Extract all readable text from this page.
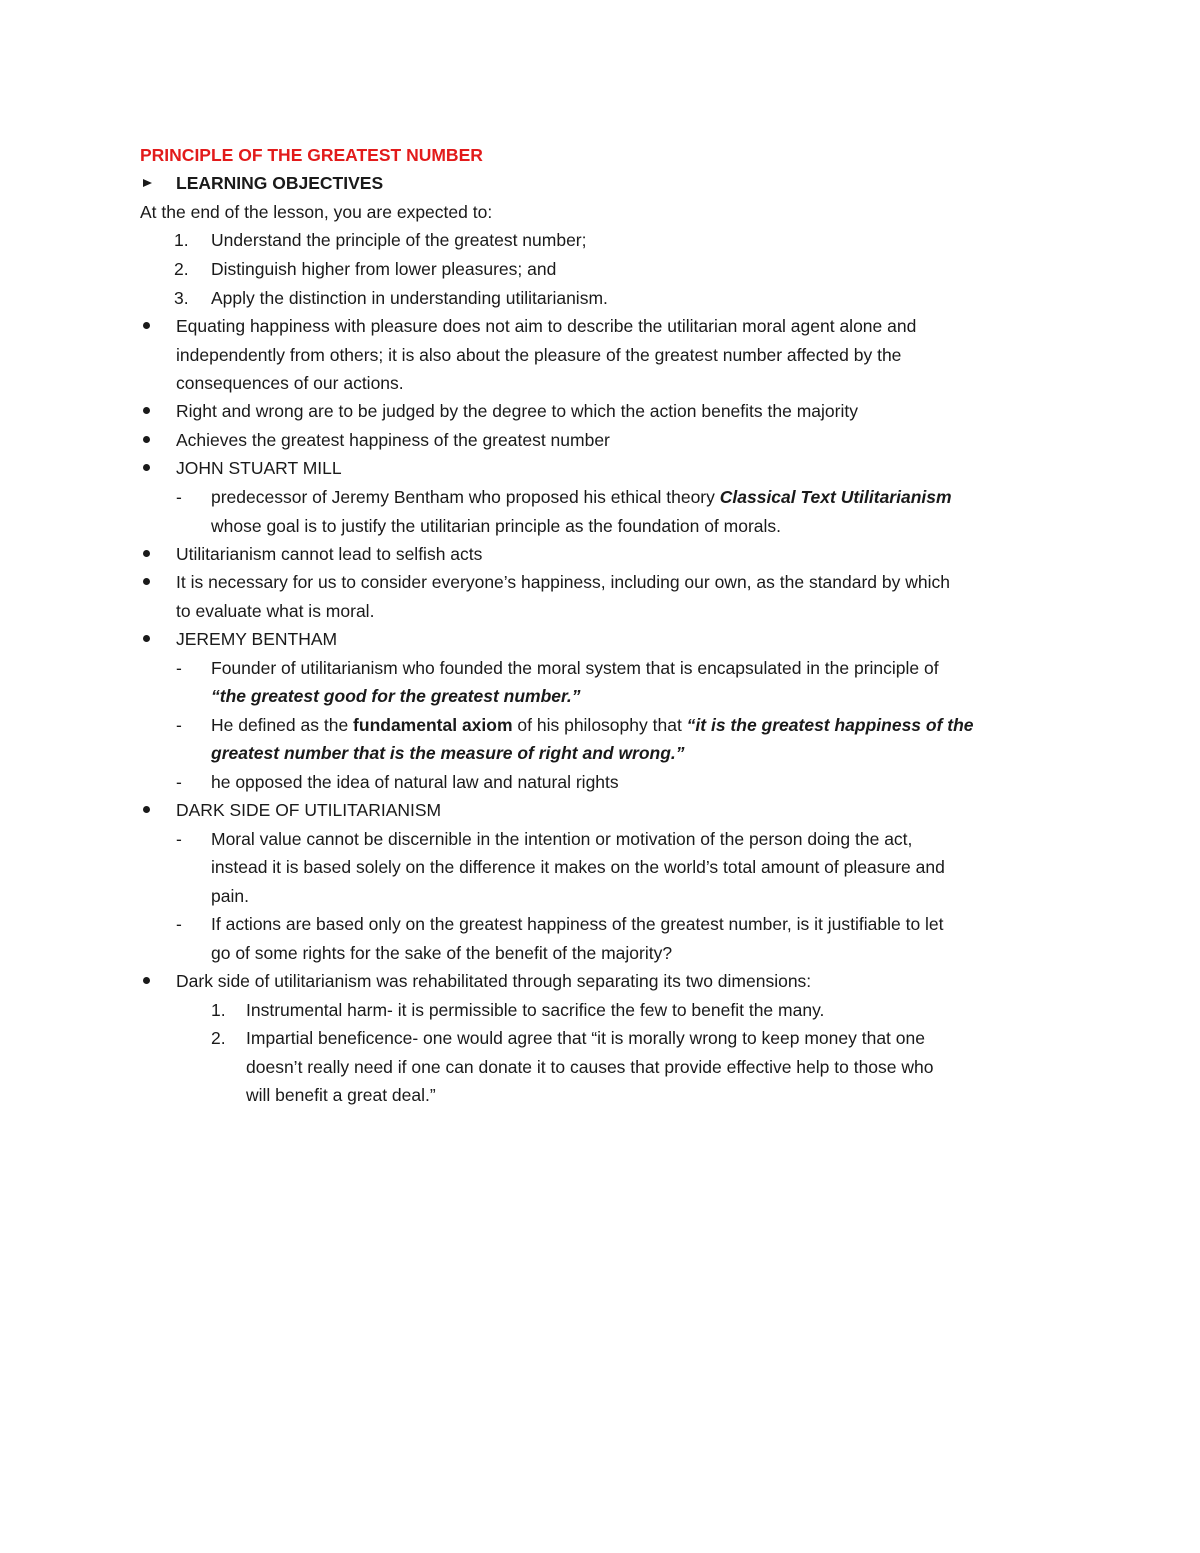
PRINCIPLE OF THE GREATEST NUMBER
LEARNING OBJECTIVES
At the end of the lesson, you are expected to:
1. Understand the principle of the greatest number;
2. Distinguish higher from lower pleasures; and
3. Apply the distinction in understanding utilitarianism.
Equating happiness with pleasure does not aim to describe the utilitarian moral agent alone and
independently from others; it is also about the pleasure of the greatest number affected by the
consequences of our actions.
Right and wrong are to be judged by the degree to which the action benefits the majority
Achieves the greatest happiness of the greatest number
JOHN STUART MILL
- predecessor of Jeremy Bentham who proposed his ethical theory Classical Text Utilitarianism
whose goal is to justify the utilitarian principle as the foundation of morals.
Utilitarianism cannot lead to selfish acts
It is necessary for us to consider everyone’s happiness, including our own, as the standard by which
to evaluate what is moral.
JEREMY BENTHAM
- Founder of utilitarianism who founded the moral system that is encapsulated in the principle of
“the greatest good for the greatest number.”
- He defined as the fundamental axiom of his philosophy that “it is the greatest happiness of the
greatest number that is the measure of right and wrong.”
- he opposed the idea of natural law and natural rights
DARK SIDE OF UTILITARIANISM
- Moral value cannot be discernible in the intention or motivation of the person doing the act,
instead it is based solely on the difference it makes on the world’s total amount of pleasure and
pain.
- If actions are based only on the greatest happiness of the greatest number, is it justifiable to let
go of some rights for the sake of the benefit of the majority?
Dark side of utilitarianism was rehabilitated through separating its two dimensions:
1. Instrumental harm- it is permissible to sacrifice the few to benefit the many.
2. Impartial beneficence- one would agree that “it is morally wrong to keep money that one
doesn’t really need if one can donate it to causes that provide effective help to those who
will benefit a great deal.”
